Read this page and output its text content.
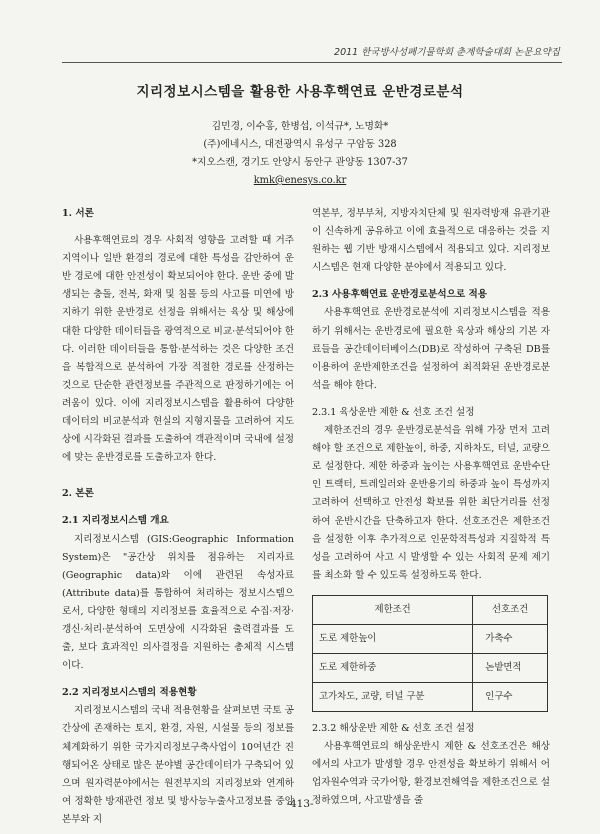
2011 한국방사성폐기물학회 춘계학술대회 논문요약집
지리정보시스템을 활용한 사용후핵연료 운반경로분석
김민경, 이수홍, 한병섭, 이석규*, 노명화*
(주)에네시스, 대전광역시 유성구 구암동 328
*지오스캔, 경기도 안양시 동안구 관양동 1307-37
kmk@enesys.co.kr

1. 서론

사용후핵연료의 경우 사회적 영향을 고려할 때 거주지역이나 일반 환경의 경로에 대한 특성을 감안하여 운반 경로에 대한 안전성이 확보되어야 한다. 운반 중에 발생되는 충돌, 전복, 화재 및 침몰 등의 사고를 미연에 방지하기 위한 운반경로 선정을 위해서는 육상 및 해상에 대한 다양한 데이터들을 광역적으로 비교·분석되어야 한다. 이러한 데이터들을 통합·분석하는 것은 다양한 조건을 복합적으로 분석하여 가장 적절한 경로를 산정하는 것으로 단순한 관련정보를 주관적으로 판정하기에는 어려움이 있다. 이에 지리정보시스템을 활용하여 다양한 데이터의 비교분석과 현실의 지형지물을 고려하여 지도상에 시각화된 결과를 도출하여 객관적이며 국내에 설정에 맞는 운반경로를 도출하고자 한다.

2. 본론

2.1 지리정보시스템 개요

지리정보시스템 (GIS:Geographic Information System)은 "공간상 위치를 점유하는 지리자료(Geographic data)와 이에 관련된 속성자료 (Attribute data)를 통합하여 처리하는 정보시스템으로서, 다양한 형태의 지리정보를 효율적으로 수집·저장·갱신·처리·분석하여 도면상에 시각화된 출력결과를 도출, 보다 효과적인 의사결정을 지원하는 총체적 시스템이다.

2.2 지리정보시스템의 적용현황

지리정보시스템의 국내 적용현황을 살펴보면 국토 공간상에 존재하는 토지, 환경, 자원, 시설물 등의 정보를 체계화하기 위한 국가지리정보구축사업이 10여년간 진행되어온 상태로 많은 분야별 공간데이터가 구축되어 있으며 원자력분야에서는 원전부지의 지리정보와 연계하여 정확한 방재관련 정보 및 방사능누출사고정보를 중앙본부와 지

역본부, 정부부처, 지방자치단체 및 원자력방재 유관기관이 신속하게 공유하고 이에 효율적으로 대응하는 것을 지원하는 웹 기반 방재시스템에서 적용되고 있다. 지리정보시스템은 현재 다양한 분야에서 적용되고 있다.

2.3 사용후핵연료 운반경로분석으로 적용

사용후핵연료 운반경로분석에 지리정보시스템을 적용하기 위해서는 운반경로에 필요한 육상과 해상의 기본 자료들을 공간데이터베이스(DB)로 작성하여 구축된 DB를 이용하여 운반제한조건을 설정하여 최적화된 운반경로분석을 해야 한다.

2.3.1 육상운반 제한 & 선호 조건 설정

제한조건의 경우 운반경로분석을 위해 가장 먼저 고려해야 할 조건으로 제한높이, 하중, 지하차도, 터널, 교량으로 설정한다. 제한 하중과 높이는 사용후핵연료 운반수단인 트랙터, 트레일러와 운반용기의 하중과 높이 특성까지 고려하여 선택하고 안전성 확보를 위한 최단거리를 선정하여 운반시간을 단축하고자 한다. 선호조건은 제한조건을 설정한 이후 추가적으로 인문학적특성과 지질학적 특성을 고려하여 사고 시 발생할 수 있는 사회적 문제 제기를 최소화 할 수 있도록 설정하도록 한다.

제한조건	선호조건
도로 제한높이	가축수
도로 제한하중	논밭면적
고가차도, 교량, 터널 구분	인구수

2.3.2 해상운반 제한 & 선호 조건 설정

사용후핵연료의 해상운반시 제한 & 선호조건은 해상에서의 사고가 발생할 경우 안전성을 확보하기 위해서 어업자원수역과 국가어항, 환경보전해역을 제한조건으로 설정하였으며, 사고발생을 줄

-413-
